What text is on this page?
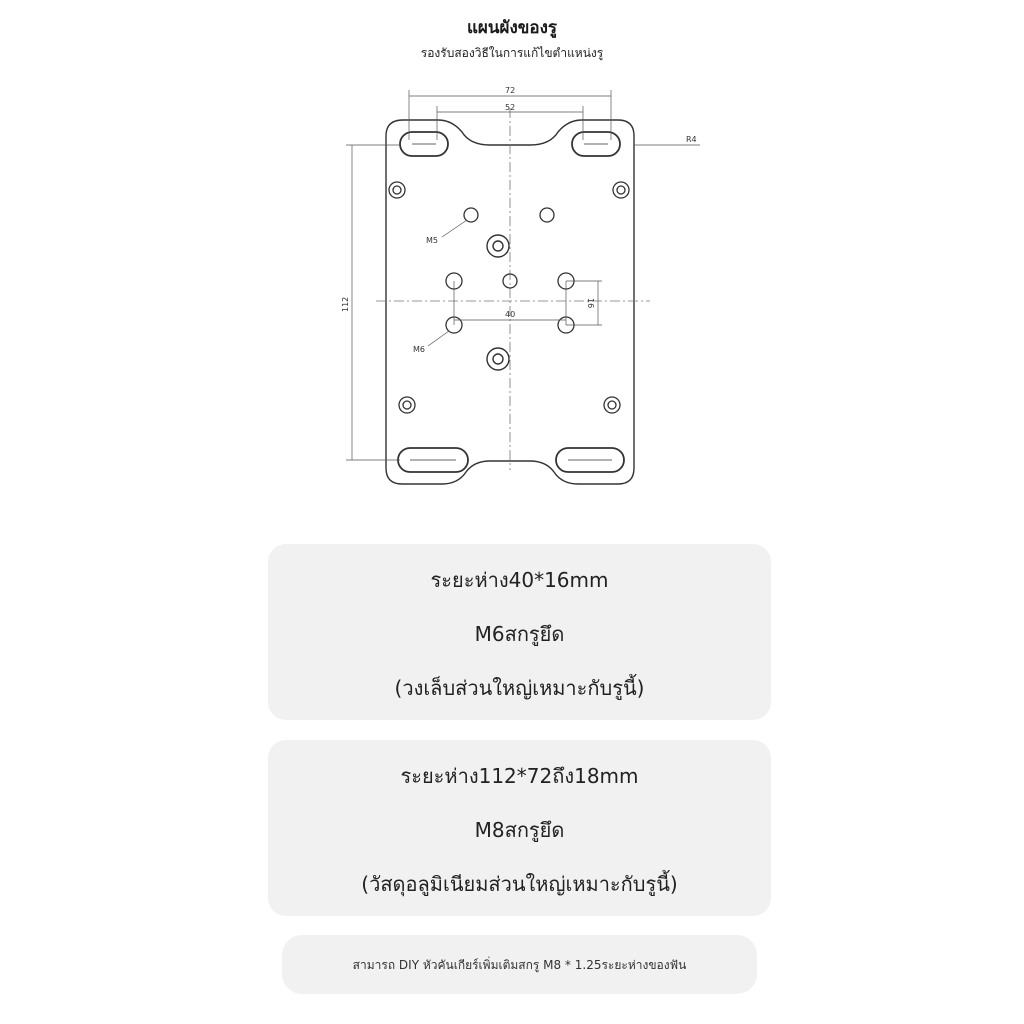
แผนผังของรู
รองรับสองวิธีในการแก้ไขตำแหน่งรู
40
16
72
52
R4
112
M5
M6
ระยะห่าง40*16mm
M6สกรูยึด
(วงเล็บส่วนใหญ่เหมาะกับรูนี้)
ระยะห่าง112*72ถึง18mm
M8สกรูยึด
(วัสดุอลูมิเนียมส่วนใหญ่เหมาะกับรูนี้)
สามารถ DIY หัวคันเกียร์เพิ่มเติมสกรู M8 * 1.25ระยะห่างของฟัน
